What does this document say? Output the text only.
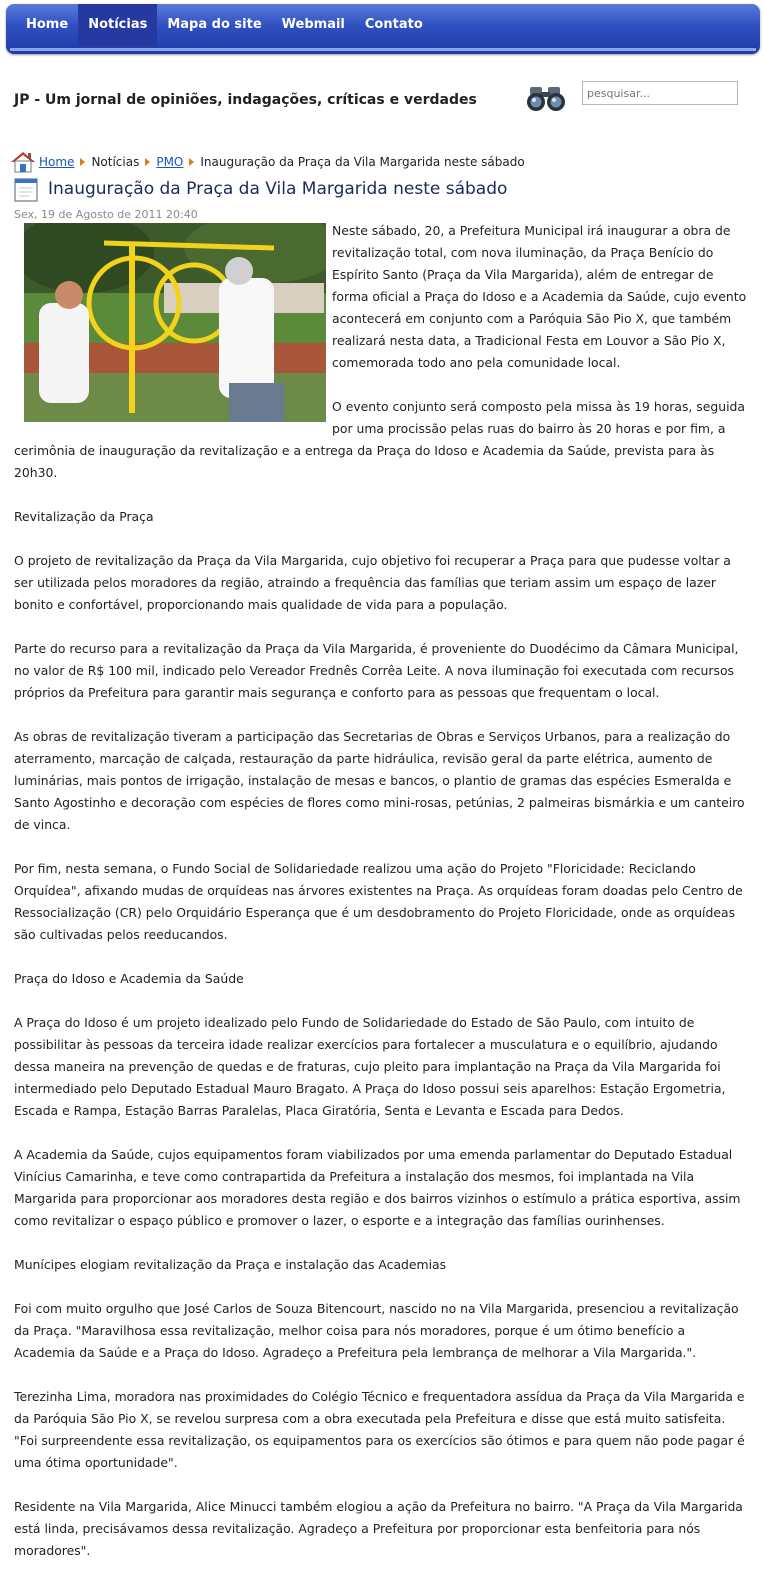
Home	Notícias	Mapa do site	Webmail	Contato
JP - Um jornal de opiniões, indagações, críticas e verdades
pesquisar...
Home Notícias PMO Inauguração da Praça da Vila Margarida neste sábado
Inauguração da Praça da Vila Margarida neste sábado
Sex, 19 de Agosto de 2011 20:40

Neste sábado, 20, a Prefeitura Municipal irá inaugurar a obra de revitalização total, com nova iluminação, da Praça Benício do Espírito Santo (Praça da Vila Margarida), além de entregar de forma oficial a Praça do Idoso e a Academia da Saúde, cujo evento acontecerá em conjunto com a Paróquia São Pio X, que também realizará nesta data, a Tradicional Festa em Louvor a São Pio X, comemorada todo ano pela comunidade local.

O evento conjunto será composto pela missa às 19 horas, seguida por uma procissão pelas ruas do bairro às 20 horas e por fim, a cerimônia de inauguração da revitalização e a entrega da Praça do Idoso e Academia da Saúde, prevista para às 20h30.

Revitalização da Praça

O projeto de revitalização da Praça da Vila Margarida, cujo objetivo foi recuperar a Praça para que pudesse voltar a ser utilizada pelos moradores da região, atraindo a frequência das famílias que teriam assim um espaço de lazer bonito e confortável, proporcionando mais qualidade de vida para a população.

Parte do recurso para a revitalização da Praça da Vila Margarida, é proveniente do Duodécimo da Câmara Municipal, no valor de R$ 100 mil, indicado pelo Vereador Frednês Corrêa Leite. A nova iluminação foi executada com recursos próprios da Prefeitura para garantir mais segurança e conforto para as pessoas que frequentam o local.

As obras de revitalização tiveram a participação das Secretarias de Obras e Serviços Urbanos, para a realização do aterramento, marcação de calçada, restauração da parte hidráulica, revisão geral da parte elétrica, aumento de luminárias, mais pontos de irrigação, instalação de mesas e bancos, o plantio de gramas das espécies Esmeralda e Santo Agostinho e decoração com espécies de flores como mini-rosas, petúnias, 2 palmeiras bismárkia e um canteiro de vinca.

Por fim, nesta semana, o Fundo Social de Solidariedade realizou uma ação do Projeto "Floricidade: Reciclando Orquídea", afixando mudas de orquídeas nas árvores existentes na Praça. As orquídeas foram doadas pelo Centro de Ressocialização (CR) pelo Orquidário Esperança que é um desdobramento do Projeto Floricidade, onde as orquídeas são cultivadas pelos reeducandos.

Praça do Idoso e Academia da Saúde

A Praça do Idoso é um projeto idealizado pelo Fundo de Solidariedade do Estado de São Paulo, com intuito de possibilitar às pessoas da terceira idade realizar exercícios para fortalecer a musculatura e o equilíbrio, ajudando dessa maneira na prevenção de quedas e de fraturas, cujo pleito para implantação na Praça da Vila Margarida foi intermediado pelo Deputado Estadual Mauro Bragato. A Praça do Idoso possui seis aparelhos: Estação Ergometria, Escada e Rampa, Estação Barras Paralelas, Placa Giratória, Senta e Levanta e Escada para Dedos.

A Academia da Saúde, cujos equipamentos foram viabilizados por uma emenda parlamentar do Deputado Estadual Vinícius Camarinha, e teve como contrapartida da Prefeitura a instalação dos mesmos, foi implantada na Vila Margarida para proporcionar aos moradores desta região e dos bairros vizinhos o estímulo a prática esportiva, assim como revitalizar o espaço público e promover o lazer, o esporte e a integração das famílias ourinhenses.

Munícipes elogiam revitalização da Praça e instalação das Academias

Foi com muito orgulho que José Carlos de Souza Bitencourt, nascido no na Vila Margarida, presenciou a revitalização da Praça. "Maravilhosa essa revitalização, melhor coisa para nós moradores, porque é um ótimo benefício a Academia da Saúde e a Praça do Idoso. Agradeço a Prefeitura pela lembrança de melhorar a Vila Margarida.".

Terezinha Lima, moradora nas proximidades do Colégio Técnico e frequentadora assídua da Praça da Vila Margarida e da Paróquia São Pio X, se revelou surpresa com a obra executada pela Prefeitura e disse que está muito satisfeita. "Foi surpreendente essa revitalização, os equipamentos para os exercícios são ótimos e para quem não pode pagar é uma ótima oportunidade".

Residente na Vila Margarida, Alice Minucci também elogiou a ação da Prefeitura no bairro. "A Praça da Vila Margarida está linda, precisávamos dessa revitalização. Agradeço a Prefeitura por proporcionar esta benfeitoria para nós moradores".
